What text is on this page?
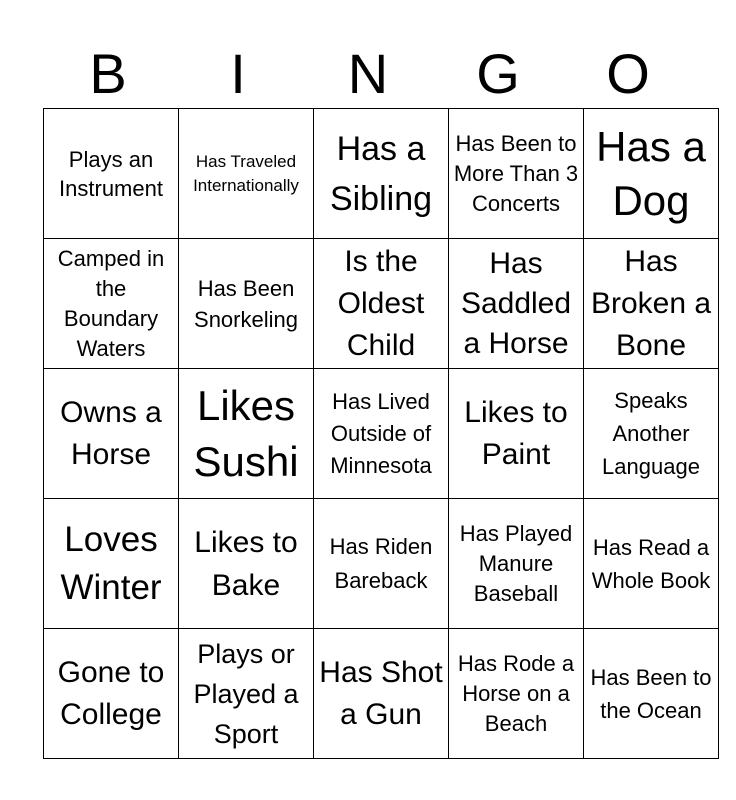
B	I	N	G	O
Plays an Instrument	Has Traveled Internationally	Has a Sibling	Has Been to More Than 3 Concerts	Has a Dog
Camped in the Boundary Waters	Has Been Snorkeling	Is the Oldest Child	Has Saddled a Horse	Has Broken a Bone
Owns a Horse	Likes Sushi	Has Lived Outside of Minnesota	Likes to Paint	Speaks Another Language
Loves Winter	Likes to Bake	Has Riden Bareback	Has Played Manure Baseball	Has Read a Whole Book
Gone to College	Plays or Played a Sport	Has Shot a Gun	Has Rode a Horse on a Beach	Has Been to the Ocean
